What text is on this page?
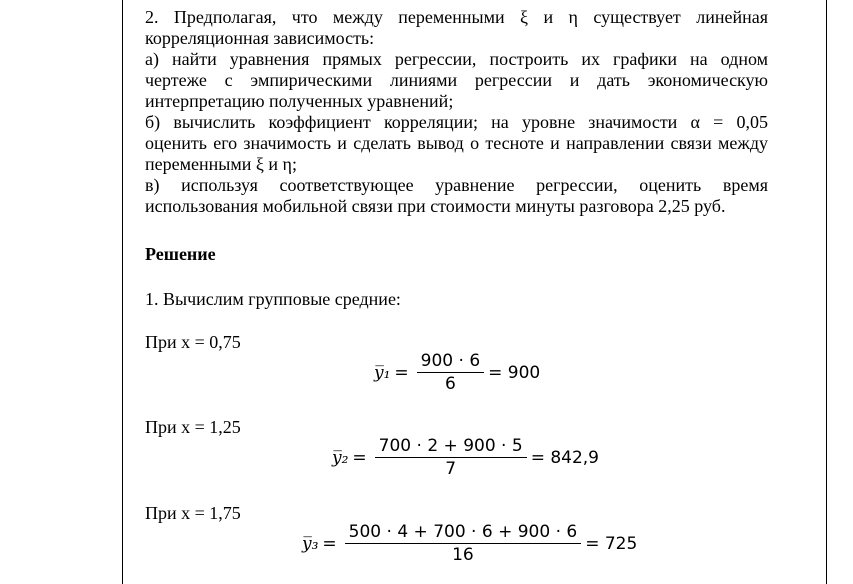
2. Предполагая, что между переменными ξ и η существует линейная
корреляционная зависимость:
а) найти уравнения прямых регрессии, построить их графики на одном
чертеже с эмпирическими линиями регрессии и дать экономическую
интерпретацию полученных уравнений;
б) вычислить коэффициент корреляции; на уровне значимости α = 0,05
оценить его значимость и сделать вывод о тесноте и направлении связи между
переменными ξ и η;
в) используя соответствующее уравнение регрессии, оценить время
использования мобильной связи при стоимости минуты разговора 2,25 руб.
Решение
1. Вычислим групповые средние:
При x = 0,75
y̅₁ = $\frac{900 \cdot 6}{6} = 900$
При x = 1,25
y̅₂ = $\frac{700 \cdot 2 + 900 \cdot 5}{7} = 842,9$
При x = 1,75
y̅₃ = $\frac{500 \cdot 4 + 700 \cdot 6 + 900 \cdot 6}{16} = 725$
